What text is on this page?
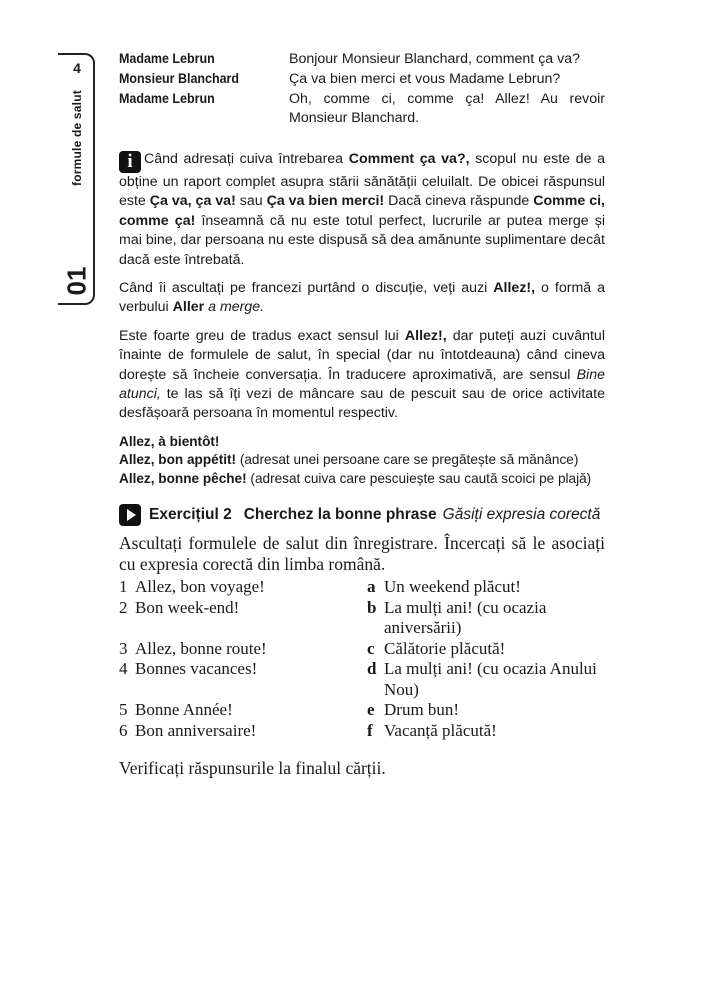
4
formule de salut
01
Madame Lebrun	Bonjour Monsieur Blanchard, comment ça va?
Monsieur Blanchard	Ça va bien merci et vous Madame Lebrun?
Madame Lebrun	Oh, comme ci, comme ça! Allez! Au revoir Monsieur Blanchard.

i Când adresați cuiva întrebarea Comment ça va?, scopul nu este de a obține un raport complet asupra stării sănătății celuilalt. De obicei răspunsul este Ça va, ça va! sau Ça va bien merci! Dacă cineva răspunde Comme ci, comme ça! înseamnă că nu este totul perfect, lucrurile ar putea merge și mai bine, dar persoana nu este dispusă să dea amănunte suplimentare decât dacă este întrebată.

Când îi ascultați pe francezi purtând o discuție, veți auzi Allez!, o formă a verbului Aller a merge.

Este foarte greu de tradus exact sensul lui Allez!, dar puteți auzi cuvântul înainte de formulele de salut, în special (dar nu întotdeauna) când cineva dorește să încheie conversația. În traducere aproximativă, are sensul Bine atunci, te las să îți vezi de mâncare sau de pescuit sau de orice activitate desfășoară persoana în momentul respectiv.

Allez, à bientôt!
Allez, bon appétit! (adresat unei persoane care se pregătește să mănânce)
Allez, bonne pêche! (adresat cuiva care pescuiește sau caută scoici pe plajă)
Exercițiul 2 Cherchez la bonne phrase Găsiți expresia corectă
Ascultați formulele de salut din înregistrare. Încercați să le asociați cu expresia corectă din limba română.
1 Allez, bon voyage!	a Un weekend plăcut!
2 Bon week-end!	b La mulți ani! (cu ocazia aniversării)
3 Allez, bonne route!	c Călătorie plăcută!
4 Bonnes vacances!	d La mulți ani! (cu ocazia Anului Nou)
5 Bonne Année!	e Drum bun!
6 Bon anniversaire!	f Vacanță plăcută!
Verificați răspunsurile la finalul cărții.
